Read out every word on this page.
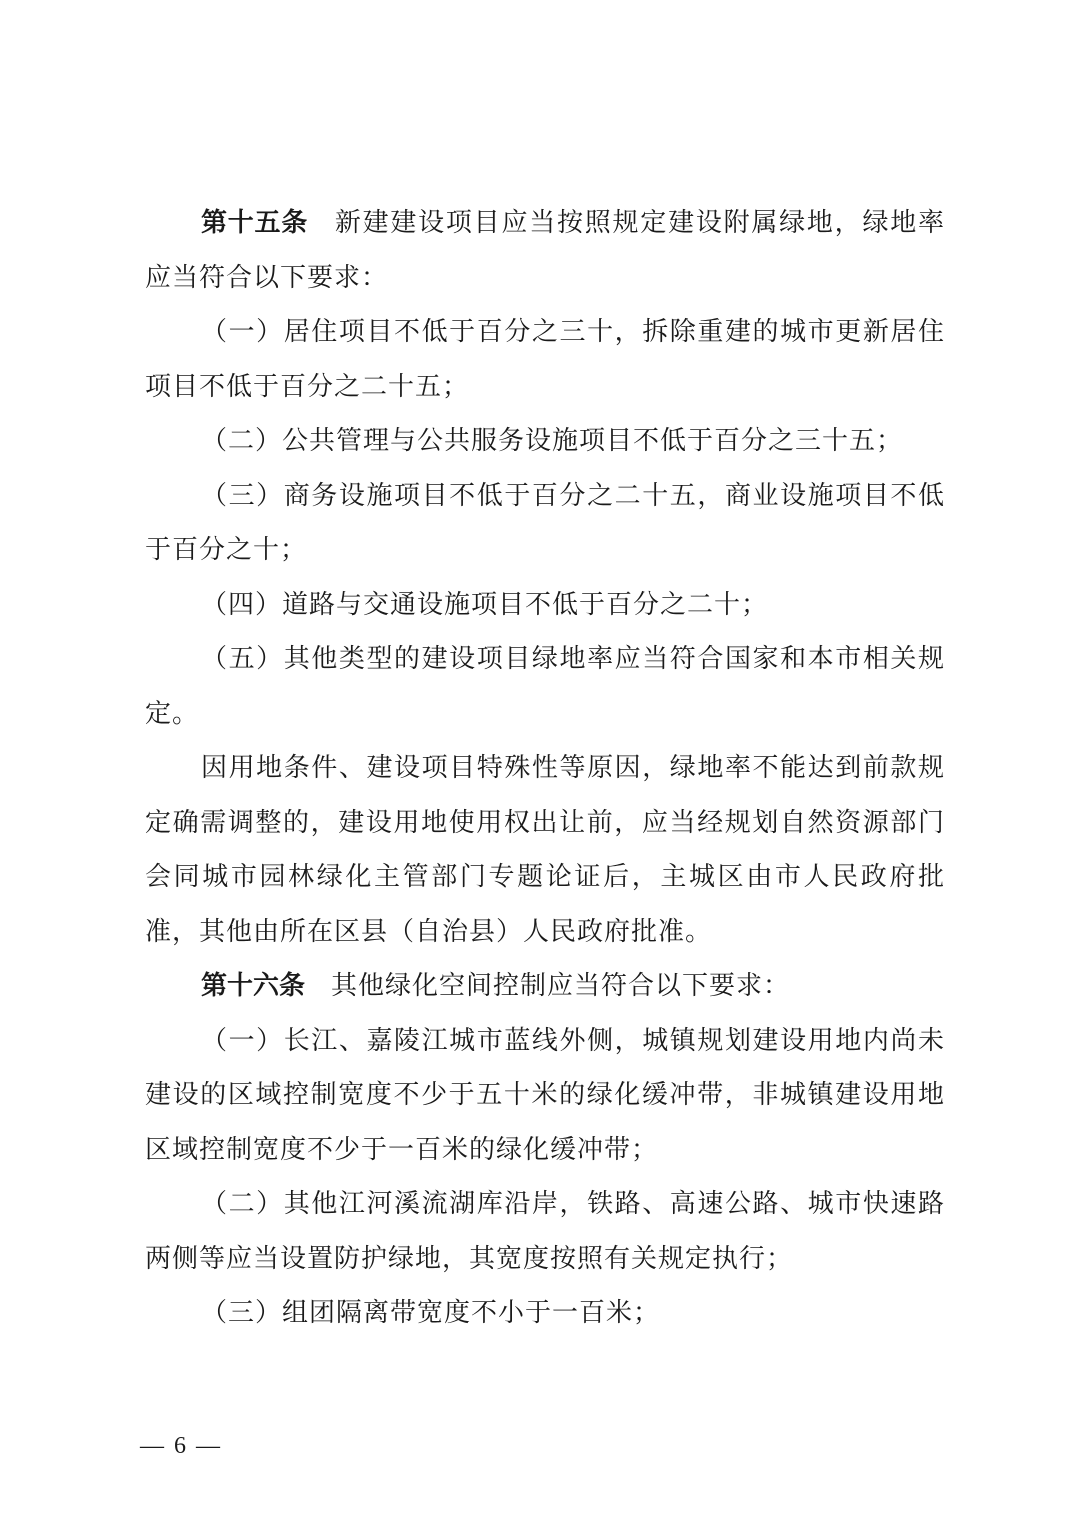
第十五条 新建建设项目应当按照规定建设附属绿地，绿地率应当符合以下要求：

（一）居住项目不低于百分之三十，拆除重建的城市更新居住项目不低于百分之二十五；

（二）公共管理与公共服务设施项目不低于百分之三十五；

（三）商务设施项目不低于百分之二十五，商业设施项目不低于百分之十；

（四）道路与交通设施项目不低于百分之二十；

（五）其他类型的建设项目绿地率应当符合国家和本市相关规定。

因用地条件、建设项目特殊性等原因，绿地率不能达到前款规定确需调整的，建设用地使用权出让前，应当经规划自然资源部门会同城市园林绿化主管部门专题论证后，主城区由市人民政府批准，其他由所在区县（自治县）人民政府批准。

第十六条 其他绿化空间控制应当符合以下要求：

（一）长江、嘉陵江城市蓝线外侧，城镇规划建设用地内尚未建设的区域控制宽度不少于五十米的绿化缓冲带，非城镇建设用地区域控制宽度不少于一百米的绿化缓冲带；

（二）其他江河溪流湖库沿岸，铁路、高速公路、城市快速路两侧等应当设置防护绿地，其宽度按照有关规定执行；

（三）组团隔离带宽度不小于一百米；

— 6 —
